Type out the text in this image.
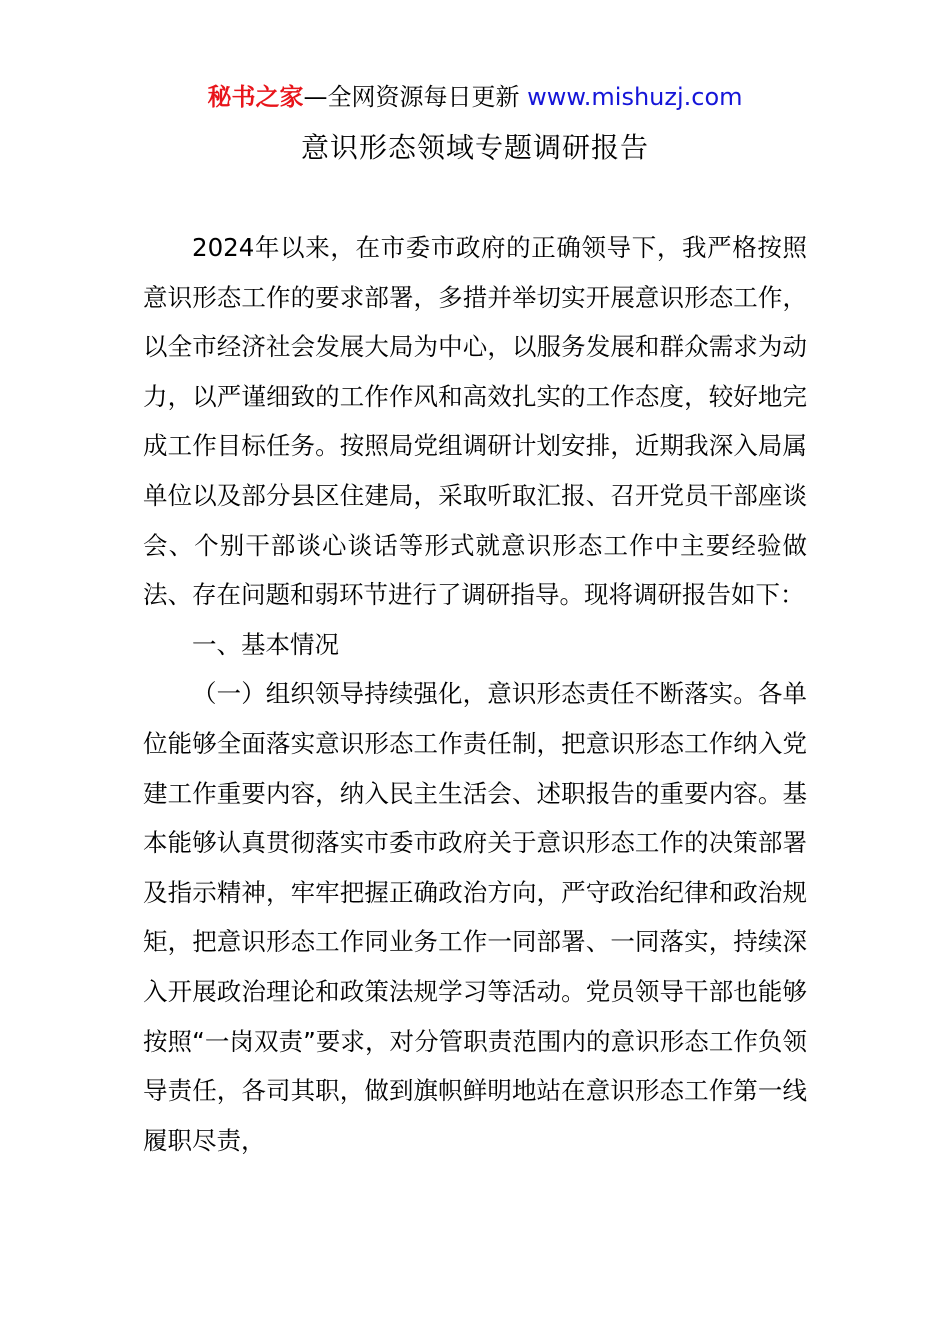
秘书之家—全网资源每日更新 www.mishuzj.com
意识形态领域专题调研报告

2024年以来，在市委市政府的正确领导下，我严格按照意识形态工作的要求部署，多措并举切实开展意识形态工作，以全市经济社会发展大局为中心，以服务发展和群众需求为动力，以严谨细致的工作作风和高效扎实的工作态度，较好地完成工作目标任务。按照局党组调研计划安排，近期我深入局属单位以及部分县区住建局，采取听取汇报、召开党员干部座谈会、个别干部谈心谈话等形式就意识形态工作中主要经验做法、存在问题和弱环节进行了调研指导。现将调研报告如下：

一、基本情况

（一）组织领导持续强化，意识形态责任不断落实。各单位能够全面落实意识形态工作责任制，把意识形态工作纳入党建工作重要内容，纳入民主生活会、述职报告的重要内容。基本能够认真贯彻落实市委市政府关于意识形态工作的决策部署及指示精神，牢牢把握正确政治方向，严守政治纪律和政治规矩，把意识形态工作同业务工作一同部署、一同落实，持续深入开展政治理论和政策法规学习等活动。党员领导干部也能够按照“一岗双责”要求，对分管职责范围内的意识形态工作负领导责任，各司其职，做到旗帜鲜明地站在意识形态工作第一线履职尽责，
